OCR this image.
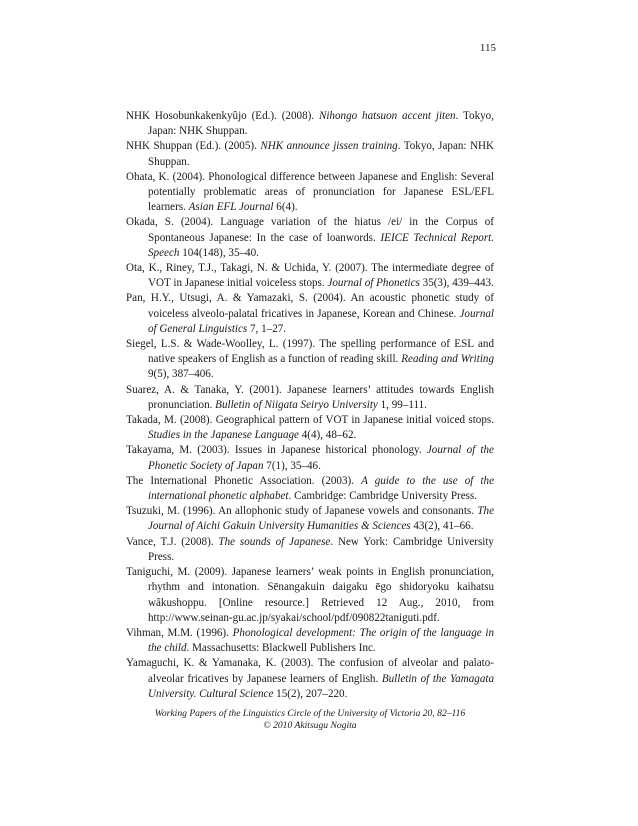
115
NHK Hosobunkakenkyûjo (Ed.). (2008). Nihongo hatsuon accent jiten. Tokyo, Japan: NHK Shuppan.
NHK Shuppan (Ed.). (2005). NHK announce jissen training. Tokyo, Japan: NHK Shuppan.
Ohata, K. (2004). Phonological difference between Japanese and English: Several potentially problematic areas of pronunciation for Japanese ESL/EFL learners. Asian EFL Journal 6(4).
Okada, S. (2004). Language variation of the hiatus /ei/ in the Corpus of Spontaneous Japanese: In the case of loanwords. IEICE Technical Report. Speech 104(148), 35–40.
Ota, K., Riney, T.J., Takagi, N. & Uchida, Y. (2007). The intermediate degree of VOT in Japanese initial voiceless stops. Journal of Phonetics 35(3), 439–443.
Pan, H.Y., Utsugi, A. & Yamazaki, S. (2004). An acoustic phonetic study of voiceless alveolo-palatal fricatives in Japanese, Korean and Chinese. Journal of General Linguistics 7, 1–27.
Siegel, L.S. & Wade-Woolley, L. (1997). The spelling performance of ESL and native speakers of English as a function of reading skill. Reading and Writing 9(5), 387–406.
Suarez, A. & Tanaka, Y. (2001). Japanese learners’ attitudes towards English pronunciation. Bulletin of Niigata Seiryo University 1, 99–111.
Takada, M. (2008). Geographical pattern of VOT in Japanese initial voiced stops. Studies in the Japanese Language 4(4), 48–62.
Takayama, M. (2003). Issues in Japanese historical phonology. Journal of the Phonetic Society of Japan 7(1), 35–46.
The International Phonetic Association. (2003). A guide to the use of the international phonetic alphabet. Cambridge: Cambridge University Press.
Tsuzuki, M. (1996). An allophonic study of Japanese vowels and consonants. The Journal of Aichi Gakuin University Humanities & Sciences 43(2), 41–66.
Vance, T.J. (2008). The sounds of Japanese. New York: Cambridge University Press.
Taniguchi, M. (2009). Japanese learners’ weak points in English pronunciation, rhythm and intonation. Sēnangakuin daigaku ēgo shidoryoku kaihatsu wâkushoppu. [Online resource.] Retrieved 12 Aug., 2010, from http://www.seinan-gu.ac.jp/syakai/school/pdf/090822taniguti.pdf.
Vihman, M.M. (1996). Phonological development: The origin of the language in the child. Massachusetts: Blackwell Publishers Inc.
Yamaguchi, K. & Yamanaka, K. (2003). The confusion of alveolar and palato-alveolar fricatives by Japanese learners of English. Bulletin of the Yamagata University. Cultural Science 15(2), 207–220.
Working Papers of the Linguistics Circle of the University of Victoria 20, 82–116
© 2010 Akitsugu Nogita
